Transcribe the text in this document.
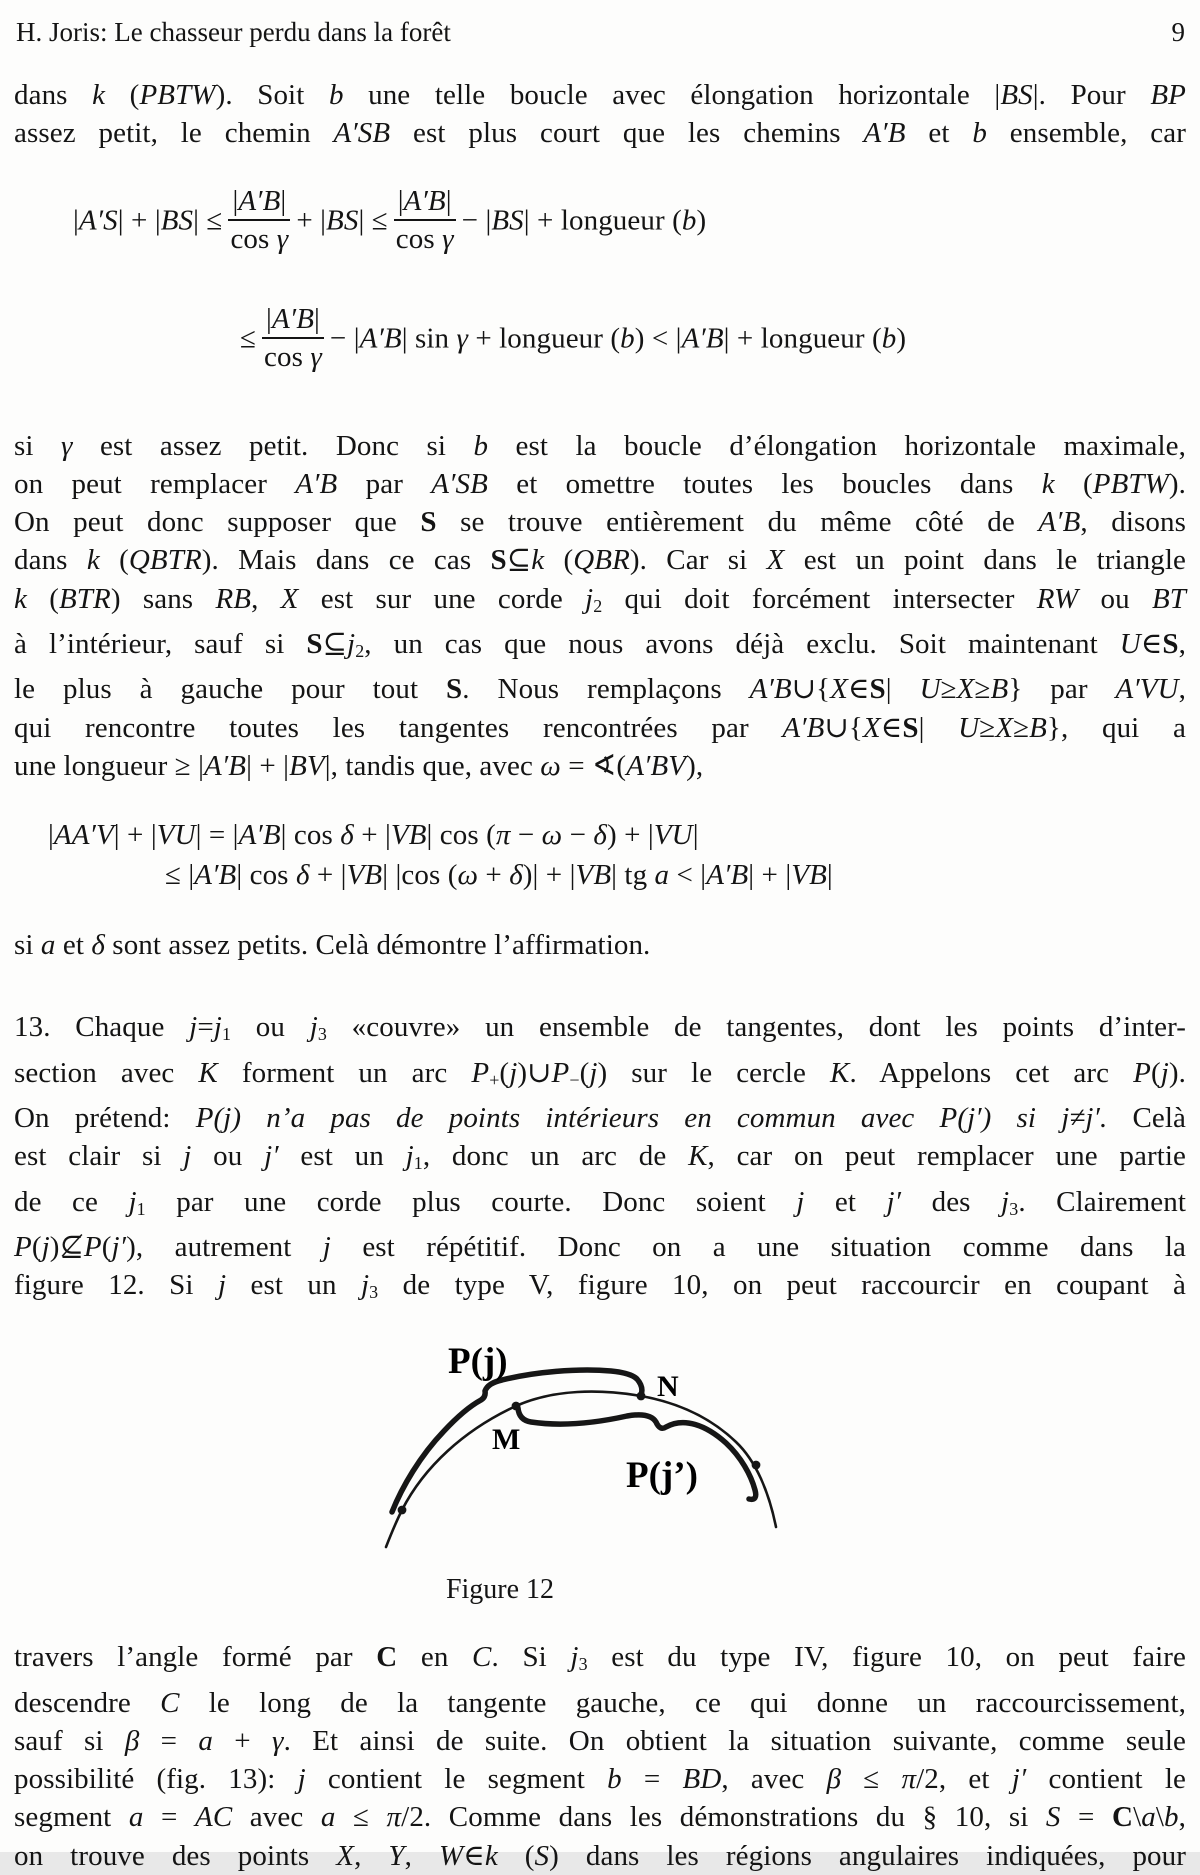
H. Joris: Le chasseur perdu dans la forêt	9
dans k (PBTW). Soit b une telle boucle avec élongation horizontale |BS|. Pour BP
assez petit, le chemin A′SB est plus court que les chemins A′B et b ensemble, car
$|A'S| + |BS| \le \frac{|A'B|}{\text{cos γ}} + |BS| \le \frac{|A'B|}{\text{cos γ}} - |BS|$ + longueur (b)
≤ $\frac{|A'B|}{\text{cos γ}} - |A'B|$ sin γ + longueur (b) < |A′B| + longueur (b)
si γ est assez petit. Donc si b est la boucle d’élongation horizontale maximale,
on peut remplacer A′B par A′SB et omettre toutes les boucles dans k (PBTW).
On peut donc supposer que S se trouve entièrement du même côté de A′B, disons
dans k (QBTR). Mais dans ce cas S⊆k (QBR). Car si X est un point dans le triangle
k (BTR) sans RB, X est sur une corde j2 qui doit forcément intersecter RW ou BT
à l’intérieur, sauf si S⊆j2, un cas que nous avons déjà exclu. Soit maintenant U∈S,
le plus à gauche pour tout S. Nous remplaçons A′B∪{X∈S| U≥X≥B} par A′VU,
qui rencontre toutes les tangentes rencontrées par A′B∪{X∈S| U≥X≥B}, qui a
une longueur ≥ |A′B| + |BV|, tandis que, avec ω = ∢(A′BV),
|AA′V| + |VU| = |A′B| cos δ + |VB| cos (π − ω − δ) + |VU|
≤ |A′B| cos δ + |VB| |cos (ω + δ)| + |VB| tg a < |A′B| + |VB|
si a et δ sont assez petits. Celà démontre l’affirmation.
13. Chaque j=j1 ou j3 «couvre» un ensemble de tangentes, dont les points d’inter-
section avec K forment un arc P+(j)∪P−(j) sur le cercle K. Appelons cet arc P(j).
On prétend: P(j) n’a pas de points intérieurs en commun avec P(j′) si j≠j′. Celà
est clair si j ou j′ est un j1, donc un arc de K, car on peut remplacer une partie
de ce j1 par une corde plus courte. Donc soient j et j′ des j3. Clairement
P(j)⊈P(j′), autrement j est répétitif. Donc on a une situation comme dans la
figure 12. Si j est un j3 de type V, figure 10, on peut raccourcir en coupant à
P(j)
N
M
P(j’)
Figure 12
travers l’angle formé par C en C. Si j3 est du type IV, figure 10, on peut faire
descendre C le long de la tangente gauche, ce qui donne un raccourcissement,
sauf si β = a + γ. Et ainsi de suite. On obtient la situation suivante, comme seule
possibilité (fig. 13): j contient le segment b = BD, avec β ≤ π/2, et j′ contient le
segment a = AC avec a ≤ π/2. Comme dans les démonstrations du § 10, si S = C\a\b,
on trouve des points X, Y, W∈k (S) dans les régions angulaires indiquées, pour
